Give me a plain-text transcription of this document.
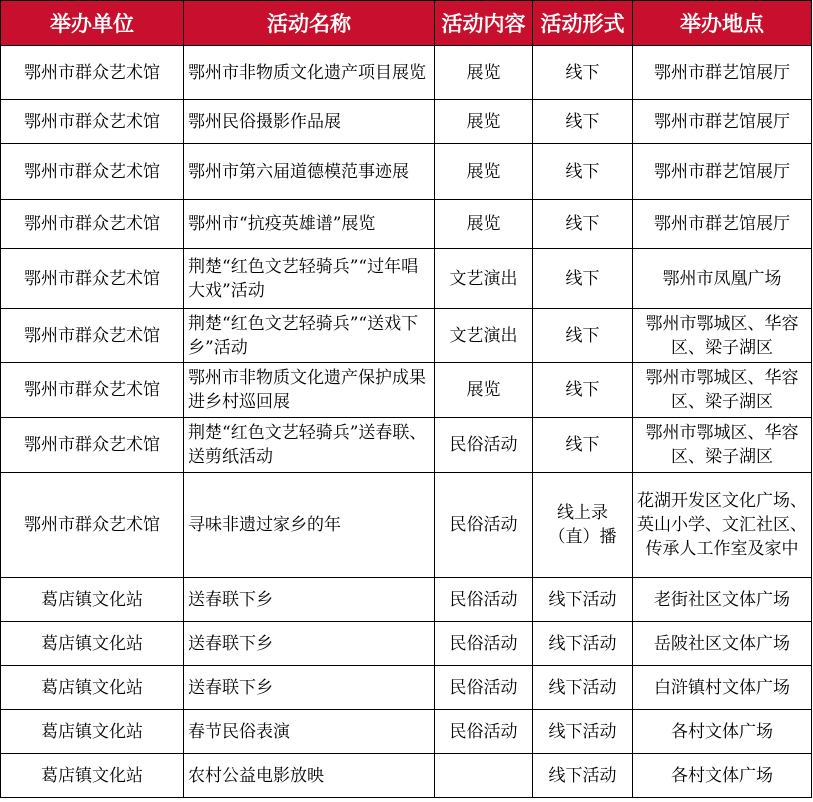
举办单位	活动名称	活动内容	活动形式	举办地点
鄂州市群众艺术馆	鄂州市非物质文化遗产项目展览	展览	线下	鄂州市群艺馆展厅
鄂州市群众艺术馆	鄂州民俗摄影作品展	展览	线下	鄂州市群艺馆展厅
鄂州市群众艺术馆	鄂州市第六届道德模范事迹展	展览	线下	鄂州市群艺馆展厅
鄂州市群众艺术馆	鄂州市“抗疫英雄谱”展览	展览	线下	鄂州市群艺馆展厅
鄂州市群众艺术馆	荆楚“红色文艺轻骑兵”“过年唱大戏”活动	文艺演出	线下	鄂州市凤凰广场
鄂州市群众艺术馆	荆楚“红色文艺轻骑兵”“送戏下乡”活动	文艺演出	线下	鄂州市鄂城区、华容区、梁子湖区
鄂州市群众艺术馆	鄂州市非物质文化遗产保护成果进乡村巡回展	展览	线下	鄂州市鄂城区、华容区、梁子湖区
鄂州市群众艺术馆	荆楚“红色文艺轻骑兵”送春联、送剪纸活动	民俗活动	线下	鄂州市鄂城区、华容区、梁子湖区
鄂州市群众艺术馆	寻味非遗过家乡的年	民俗活动	线上录（直）播	花湖开发区文化广场、英山小学、文汇社区、传承人工作室及家中
葛店镇文化站	送春联下乡	民俗活动	线下活动	老街社区文体广场
葛店镇文化站	送春联下乡	民俗活动	线下活动	岳陂社区文体广场
葛店镇文化站	送春联下乡	民俗活动	线下活动	白浒镇村文体广场
葛店镇文化站	春节民俗表演	民俗活动	线下活动	各村文体广场
葛店镇文化站	农村公益电影放映		线下活动	各村文体广场
